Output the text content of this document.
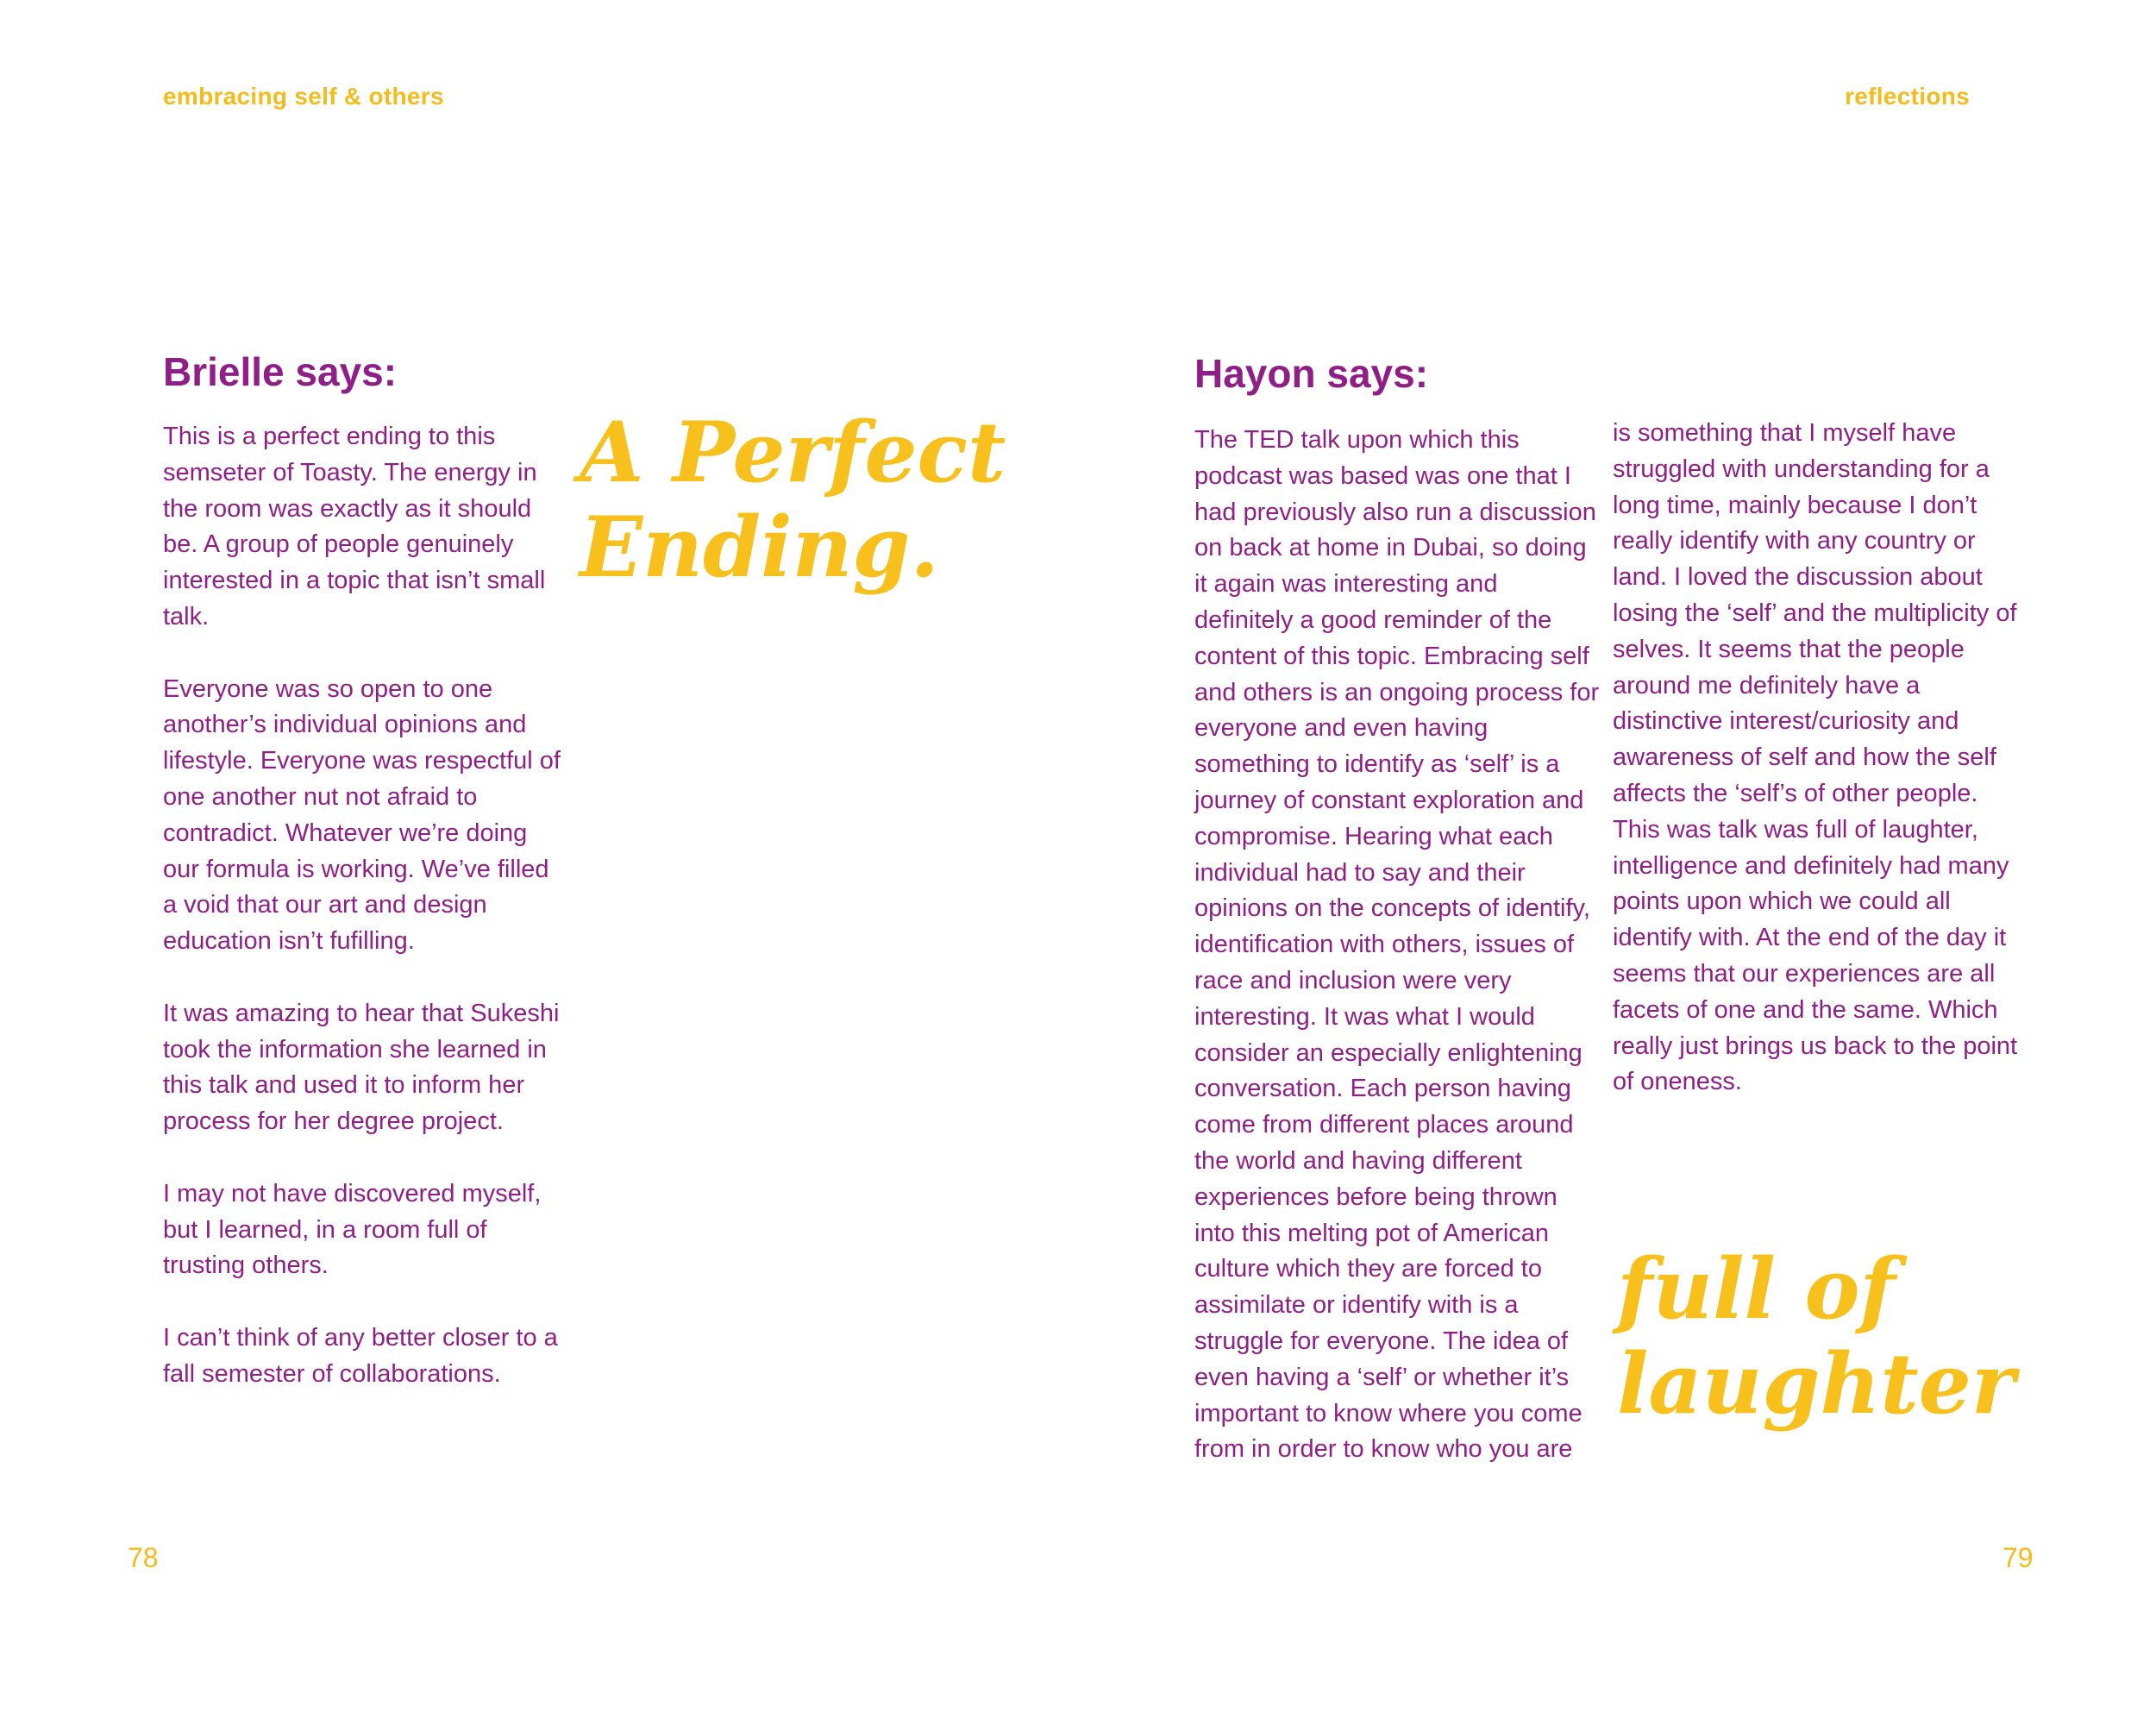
embracing self & others	reflections
Brielle says:

This is a perfect ending to this semseter of Toasty. The energy in the room was exactly as it should be. A group of people genuinely interested in a topic that isn’t small talk.

Everyone was so open to one another’s individual opinions and lifestyle. Everyone was respectful of one another nut not afraid to contradict. Whatever we’re doing our formula is working. We’ve filled a void that our art and design education isn’t fufilling.

It was amazing to hear that Sukeshi took the information she learned in this talk and used it to inform her process for her degree project.

I may not have discovered myself, but I learned, in a room full of trusting others.

I can’t think of any better closer to a fall semester of collaborations.

A Perfect Ending.
78
Hayon says:

The TED talk upon which this podcast was based was one that I had previously also run a discussion on back at home in Dubai, so doing it again was interesting and definitely a good reminder of the content of this topic. Embracing self and others is an ongoing process for everyone and even having something to identify as ‘self’ is a journey of constant exploration and compromise. Hearing what each individual had to say and their opinions on the concepts of identify, identification with others, issues of race and inclusion were very interesting. It was what I would consider an especially enlightening conversation. Each person having come from different places around the world and having different experiences before being thrown into this melting pot of American culture which they are forced to assimilate or identify with is a struggle for everyone. The idea of even having a ‘self’ or whether it’s important to know where you come from in order to know who you are

is something that I myself have struggled with understanding for a long time, mainly because I don’t really identify with any country or land. I loved the discussion about losing the ‘self’ and the multiplicity of selves. It seems that the people around me definitely have a distinctive interest/curiosity and awareness of self and how the self affects the ‘self’s of other people. This was talk was full of laughter, intelligence and definitely had many points upon which we could all identify with. At the end of the day it seems that our experiences are all facets of one and the same. Which really just brings us back to the point of oneness.

full of laughter
79
